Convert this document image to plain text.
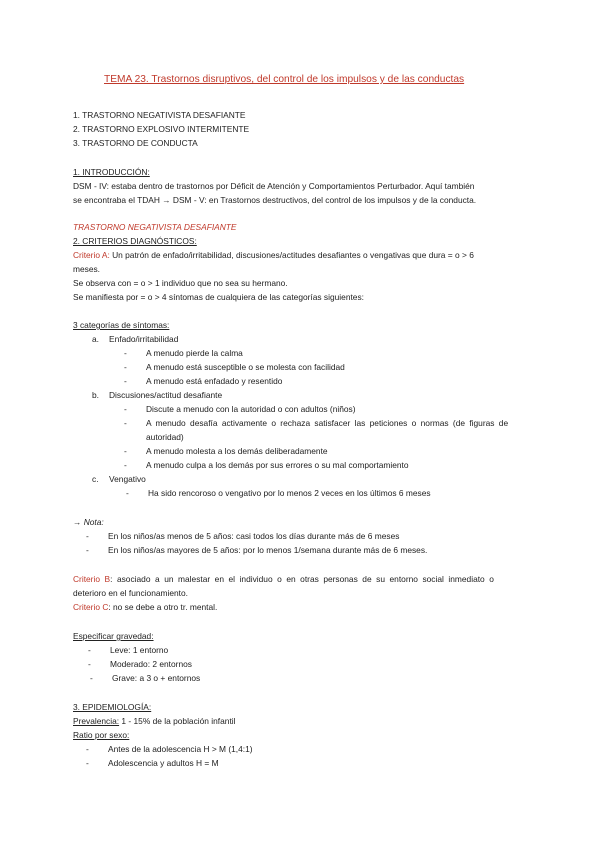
TEMA 23. Trastornos disruptivos, del control de los impulsos y de las conductas
1. TRASTORNO NEGATIVISTA DESAFIANTE
2. TRASTORNO EXPLOSIVO INTERMITENTE
3. TRASTORNO DE CONDUCTA
1. INTRODUCCIÓN:
DSM - IV: estaba dentro de trastornos por Déficit de Atención y Comportamientos Perturbador. Aquí también
se encontraba el TDAH → DSM - V: en Trastornos destructivos, del control de los impulsos y de la conducta.
TRASTORNO NEGATIVISTA DESAFIANTE
2. CRITERIOS DIAGNÓSTICOS:
Criterio A: Un patrón de enfado/irritabilidad, discusiones/actitudes desafiantes o vengativas que dura = o > 6
meses.
Se observa con = o > 1 individuo que no sea su hermano.
Se manifiesta por = o > 4 síntomas de cualquiera de las categorías siguientes:
3 categorías de síntomas:
a. Enfado/irritabilidad
- A menudo pierde la calma
- A menudo está susceptible o se molesta con facilidad
- A menudo está enfadado y resentido
b. Discusiones/actitud desafiante
- Discute a menudo con la autoridad o con adultos (niños)
- A menudo desafía activamente o rechaza satisfacer las peticiones o normas (de figuras de
autoridad)
- A menudo molesta a los demás deliberadamente
- A menudo culpa a los demás por sus errores o su mal comportamiento
c. Vengativo
- Ha sido rencoroso o vengativo por lo menos 2 veces en los últimos 6 meses
→ Nota:
- En los niños/as menos de 5 años: casi todos los días durante más de 6 meses
- En los niños/as mayores de 5 años: por lo menos 1/semana durante más de 6 meses.
Criterio B: asociado a un malestar en el individuo o en otras personas de su entorno social inmediato o
deterioro en el funcionamiento.
Criterio C: no se debe a otro tr. mental.
Especificar gravedad:
- Leve: 1 entorno
- Moderado: 2 entornos
- Grave: a 3 o + entornos
3. EPIDEMIOLOGÍA:
Prevalencia: 1 - 15% de la población infantil
Ratio por sexo:
- Antes de la adolescencia H > M (1,4:1)
- Adolescencia y adultos H = M
